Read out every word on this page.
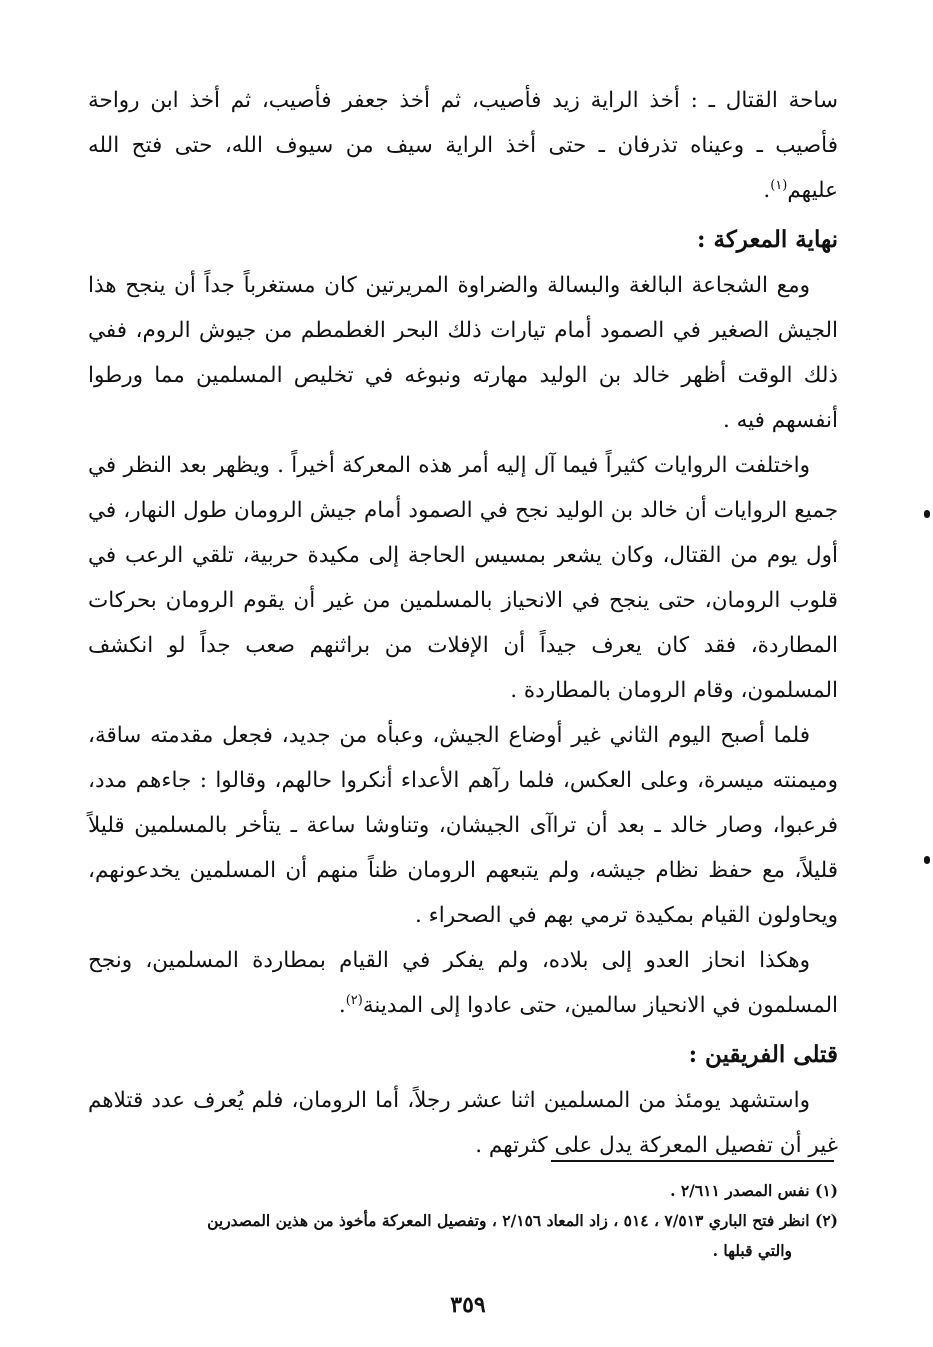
ساحة القتال ـ : أخذ الراية زيد فأصيب، ثم أخذ جعفر فأصيب، ثم أخذ ابن رواحة فأصيب ـ وعيناه تذرفان ـ حتى أخذ الراية سيف من سيوف الله، حتى فتح الله عليهم$^{(١)}$.

نهاية المعركة :

ومع الشجاعة البالغة والبسالة والضراوة المريرتين كان مستغرباً جداً أن ينجح هذا الجيش الصغير في الصمود أمام تيارات ذلك البحر الغطمطم من جيوش الروم، ففي ذلك الوقت أظهر خالد بن الوليد مهارته ونبوغه في تخليص المسلمين مما ورطوا أنفسهم فيه .

واختلفت الروايات كثيراً فيما آل إليه أمر هذه المعركة أخيراً . ويظهر بعد النظر في جميع الروايات أن خالد بن الوليد نجح في الصمود أمام جيش الرومان طول النهار، في أول يوم من القتال، وكان يشعر بمسيس الحاجة إلى مكيدة حربية، تلقي الرعب في قلوب الرومان، حتى ينجح في الانحياز بالمسلمين من غير أن يقوم الرومان بحركات المطاردة، فقد كان يعرف جيداً أن الإفلات من براثنهم صعب جداً لو انكشف المسلمون، وقام الرومان بالمطاردة .

فلما أصبح اليوم الثاني غير أوضاع الجيش، وعبأه من جديد، فجعل مقدمته ساقة، وميمنته ميسرة، وعلى العكس، فلما رآهم الأعداء أنكروا حالهم، وقالوا : جاءهم مدد، فرعبوا، وصار خالد ـ بعد أن تراآى الجيشان، وتناوشا ساعة ـ يتأخر بالمسلمين قليلاً قليلاً، مع حفظ نظام جيشه، ولم يتبعهم الرومان ظناً منهم أن المسلمين يخدعونهم، ويحاولون القيام بمكيدة ترمي بهم في الصحراء .

وهكذا انحاز العدو إلى بلاده، ولم يفكر في القيام بمطاردة المسلمين، ونجح المسلمون في الانحياز سالمين، حتى عادوا إلى المدينة$^{(٢)}$.

قتلى الفريقين :

واستشهد يومئذ من المسلمين اثنا عشر رجلاً، أما الرومان، فلم يُعرف عدد قتلاهم غير أن تفصيل المعركة يدل على كثرتهم .

(١) نفس المصدر ٢/٦١١ .

(٢) انظر فتح الباري ٧/٥١٣ ، ٥١٤ ، زاد المعاد ٢/١٥٦ ، وتفصيل المعركة مأخوذ من هذين المصدرين

والتي قبلها .

٣٥٩
